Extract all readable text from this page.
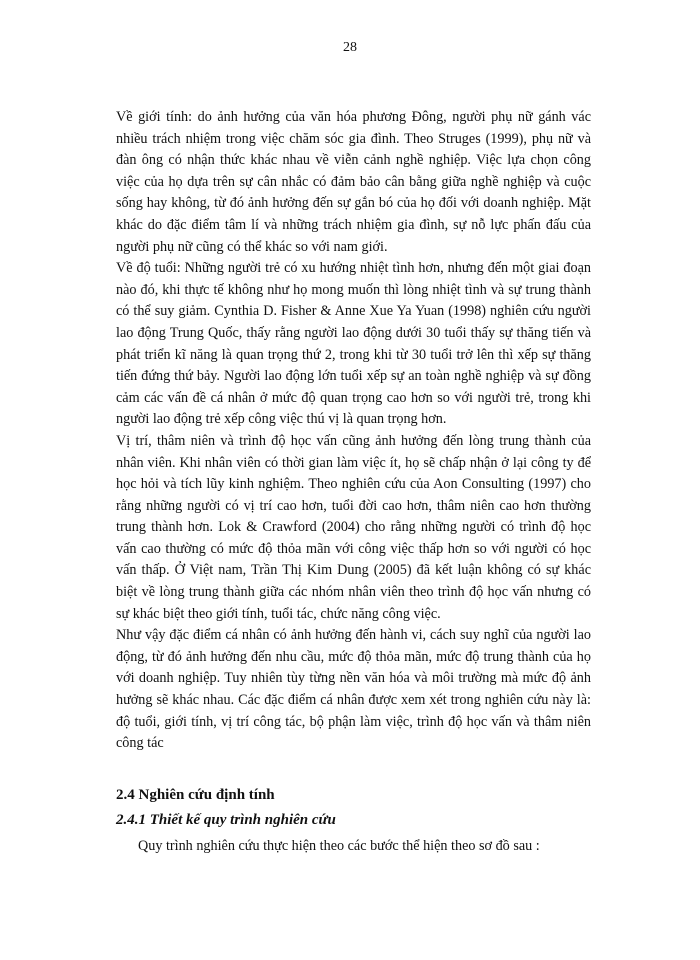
28

Về giới tính: do ảnh hưởng của văn hóa phương Đông, người phụ nữ gánh vác nhiều trách nhiệm trong việc chăm sóc gia đình. Theo Struges (1999), phụ nữ và đàn ông có nhận thức khác nhau về viễn cảnh nghề nghiệp. Việc lựa chọn công việc của họ dựa trên sự cân nhắc có đảm bảo cân bằng giữa nghề nghiệp và cuộc sống hay không, từ đó ảnh hưởng đến sự gắn bó của họ đối với doanh nghiệp. Mặt khác do đặc điểm tâm lí và những trách nhiệm gia đình, sự nỗ lực phấn đấu của người phụ nữ cũng có thể khác so với nam giới.

Về độ tuổi: Những người trẻ có xu hướng nhiệt tình hơn, nhưng đến một giai đoạn nào đó, khi thực tế không như họ mong muốn thì lòng nhiệt tình và sự trung thành có thể suy giảm. Cynthia D. Fisher & Anne Xue Ya Yuan (1998) nghiên cứu người lao động Trung Quốc, thấy rằng người lao động dưới 30 tuổi thấy sự thăng tiến và phát triển kĩ năng là quan trọng thứ 2, trong khi từ 30 tuổi trở lên thì xếp sự thăng tiến đứng thứ bảy. Người lao động lớn tuổi xếp sự an toàn nghề nghiệp và sự đồng cảm các vấn đề cá nhân ở mức độ quan trọng cao hơn so với người trẻ, trong khi người lao động trẻ xếp công việc thú vị là quan trọng hơn.

Vị trí, thâm niên và trình độ học vấn cũng ảnh hưởng đến lòng trung thành của nhân viên. Khi nhân viên có thời gian làm việc ít, họ sẽ chấp nhận ở lại công ty để học hỏi và tích lũy kinh nghiệm. Theo nghiên cứu của Aon Consulting (1997) cho rằng những người có vị trí cao hơn, tuổi đời cao hơn, thâm niên cao hơn thường trung thành hơn. Lok & Crawford (2004) cho rằng những người có trình độ học vấn cao thường có mức độ thỏa mãn với công việc thấp hơn so với người có học vấn thấp. Ở Việt nam, Trần Thị Kim Dung (2005) đã kết luận không có sự khác biệt về lòng trung thành giữa các nhóm nhân viên theo trình độ học vấn nhưng có sự khác biệt theo giới tính, tuổi tác, chức năng công việc.

Như vậy đặc điểm cá nhân có ảnh hưởng đến hành vi, cách suy nghĩ của người lao động, từ đó ảnh hưởng đến nhu cầu, mức độ thỏa mãn, mức độ trung thành của họ với doanh nghiệp. Tuy nhiên tùy từng nền văn hóa và môi trường mà mức độ ảnh hưởng sẽ khác nhau. Các đặc điểm cá nhân được xem xét trong nghiên cứu này là: độ tuổi, giới tính, vị trí công tác, bộ phận làm việc, trình độ học vấn và thâm niên công tác

2.4 Nghiên cứu định tính
2.4.1 Thiết kế quy trình nghiên cứu
Quy trình nghiên cứu thực hiện theo các bước thể hiện theo sơ đồ sau :
